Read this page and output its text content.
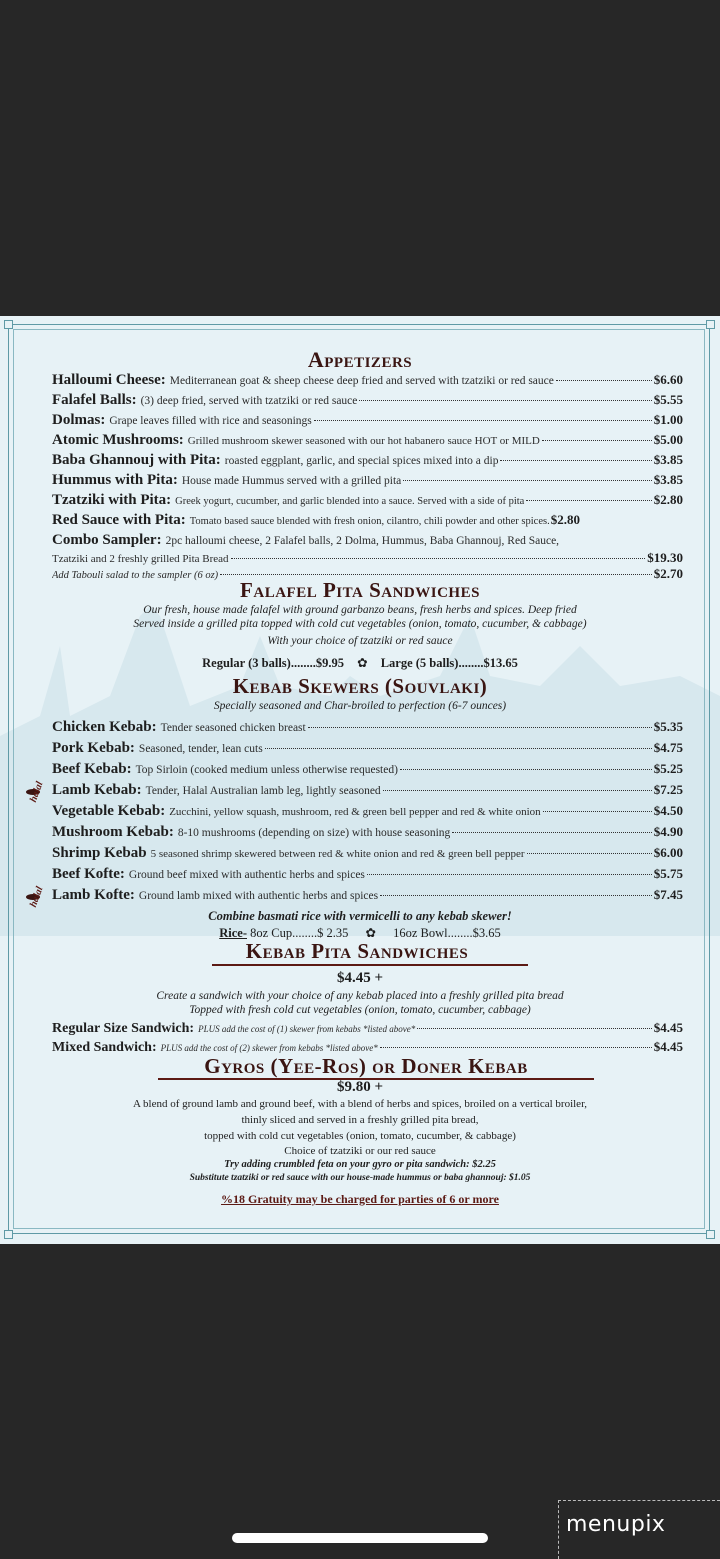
Appetizers
Halloumi Cheese: Mediterranean goat & sheep cheese deep fried and served with tzatziki or red sauce	$6.60
Falafel Balls: (3) deep fried, served with tzatziki or red sauce	$5.55
Dolmas: Grape leaves filled with rice and seasonings	$1.00
Atomic Mushrooms: Grilled mushroom skewer seasoned with our hot habanero sauce HOT or MILD	$5.00
Baba Ghannouj with Pita: roasted eggplant, garlic, and special spices mixed into a dip	$3.85
Hummus with Pita: House made Hummus served with a grilled pita	$3.85
Tzatziki with Pita: Greek yogurt, cucumber, and garlic blended into a sauce. Served with a side of pita	$2.80
Red Sauce with Pita: Tomato based sauce blended with fresh onion, cilantro, chili powder and other spices. $2.80
Combo Sampler: 2pc halloumi cheese, 2 Falafel balls, 2 Dolma, Hummus, Baba Ghannouj, Red Sauce,
Tzatziki and 2 freshly grilled Pita Bread	$19.30
Add Tabouli salad to the sampler (6 oz)	$2.70
Falafel Pita Sandwiches
Our fresh, house made falafel with ground garbanzo beans, fresh herbs and spices. Deep fried
Served inside a grilled pita topped with cold cut vegetables (onion, tomato, cucumber, & cabbage)
With your choice of tzatziki or red sauce
Regular (3 balls)........$9.95 ✿ Large (5 balls)........$13.65
Kebab Skewers (Souvlaki)
Specially seasoned and Char-broiled to perfection (6-7 ounces)
Chicken Kebab: Tender seasoned chicken breast	$5.35
Pork Kebab: Seasoned, tender, lean cuts	$4.75
Beef Kebab: Top Sirloin (cooked medium unless otherwise requested)	$5.25
Lamb Kebab: Tender, Halal Australian lamb leg, lightly seasoned	$7.25
Vegetable Kebab: Zucchini, yellow squash, mushroom, red & green bell pepper and red & white onion	$4.50
Mushroom Kebab: 8-10 mushrooms (depending on size) with house seasoning	$4.90
Shrimp Kebab 5 seasoned shrimp skewered between red & white onion and red & green bell pepper	$6.00
Beef Kofte: Ground beef mixed with authentic herbs and spices	$5.75
Lamb Kofte: Ground lamb mixed with authentic herbs and spices	$7.45
halal
halal
Combine basmati rice with vermicelli to any kebab skewer!
Rice- 8oz Cup........$ 2.35 ✿ 16oz Bowl........$3.65
Kebab Pita Sandwiches
$4.45 +
Create a sandwich with your choice of any kebab placed into a freshly grilled pita bread
Topped with fresh cold cut vegetables (onion, tomato, cucumber, cabbage)
Regular Size Sandwich: PLUS add the cost of (1) skewer from kebabs *listed above*	$4.45
Mixed Sandwich: PLUS add the cost of (2) skewer from kebabs *listed above*	$4.45
Gyros (Yee-Ros) or Doner Kebab
$9.80 +
A blend of ground lamb and ground beef, with a blend of herbs and spices, broiled on a vertical broiler,
thinly sliced and served in a freshly grilled pita bread,
topped with cold cut vegetables (onion, tomato, cucumber, & cabbage)
Choice of tzatziki or our red sauce
Try adding crumbled feta on your gyro or pita sandwich: $2.25
Substitute tzatziki or red sauce with our house-made hummus or baba ghannouj: $1.05
%18 Gratuity may be charged for parties of 6 or more
menupix
